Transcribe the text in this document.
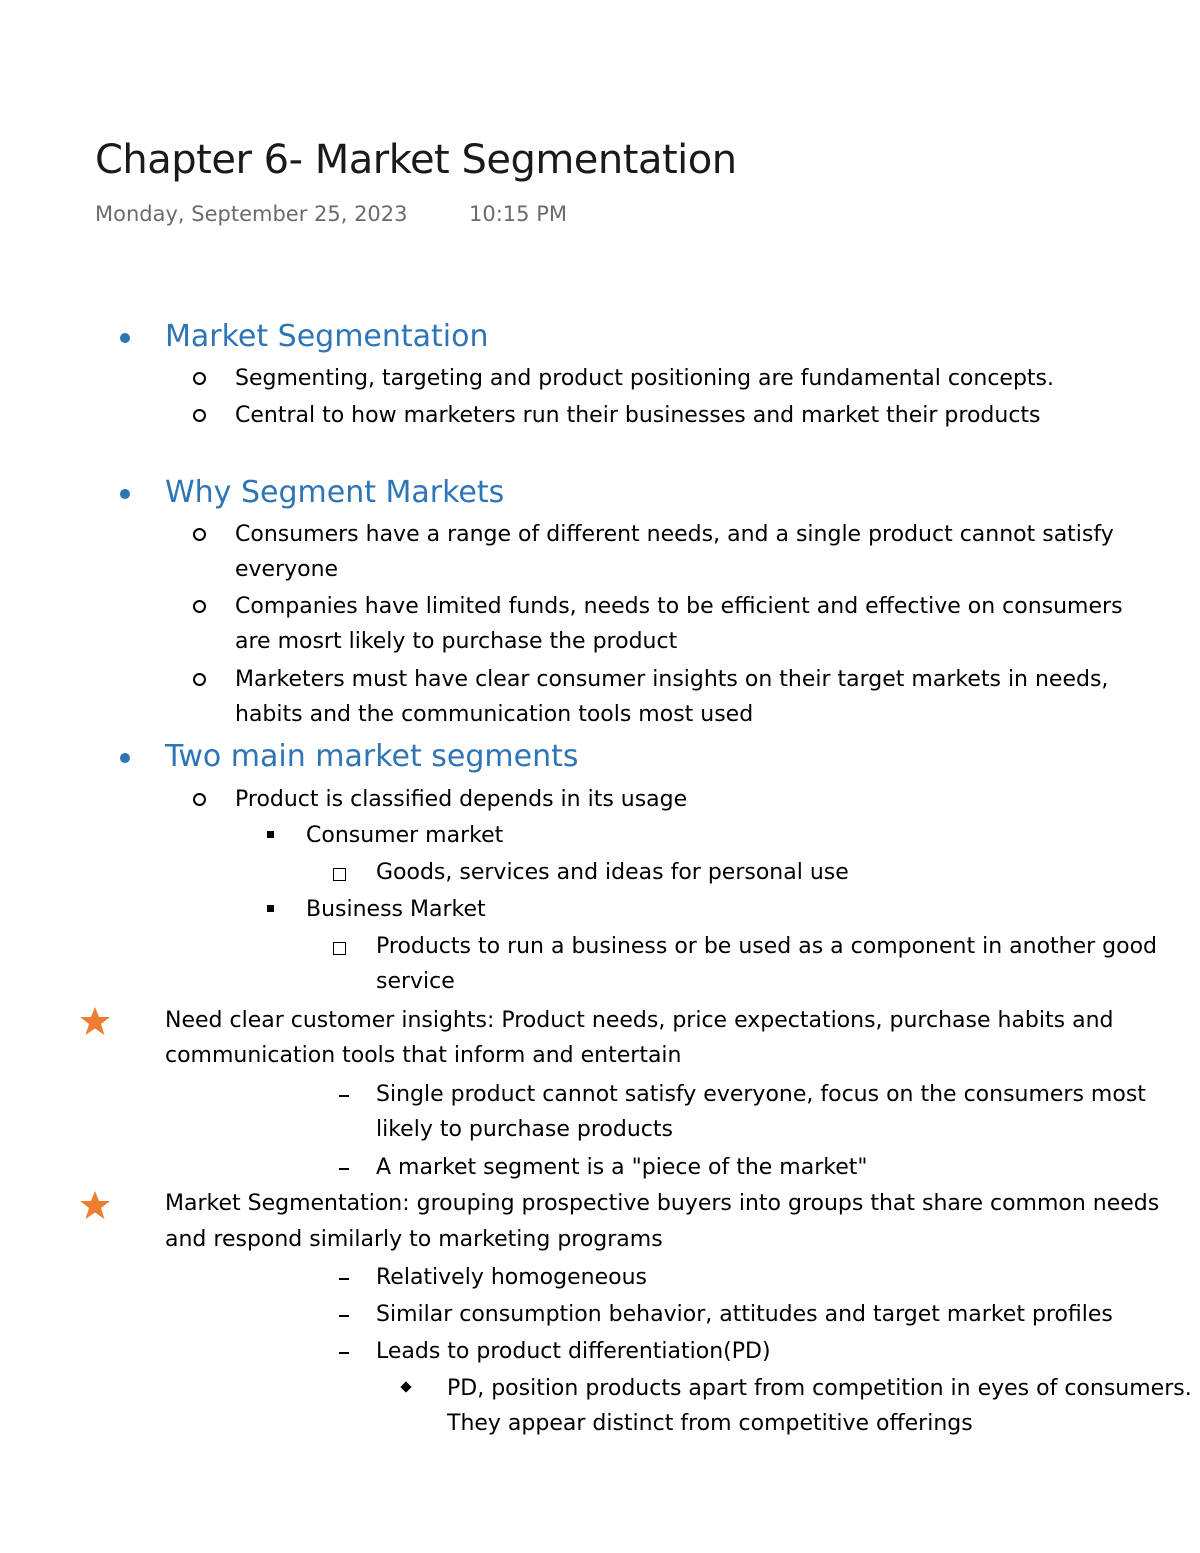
Chapter 6- Market Segmentation
Monday, September 25, 2023	10:15 PM
Market Segmentation
Segmenting, targeting and product positioning are fundamental concepts.
Central to how marketers run their businesses and market their products
Why Segment Markets
Consumers have a range of different needs, and a single product cannot satisfy
everyone
Companies have limited funds, needs to be efficient and effective on consumers
are mosrt likely to purchase the product
Marketers must have clear consumer insights on their target markets in needs,
habits and the communication tools most used
Two main market segments
Product is classified depends in its usage
Consumer market
Goods, services and ideas for personal use
Business Market
Products to run a business or be used as a component in another good
service
Need clear customer insights: Product needs, price expectations, purchase habits and
communication tools that inform and entertain
Single product cannot satisfy everyone, focus on the consumers most
likely to purchase products
A market segment is a "piece of the market"
Market Segmentation: grouping prospective buyers into groups that share common needs
and respond similarly to marketing programs
Relatively homogeneous
Similar consumption behavior, attitudes and target market profiles
Leads to product differentiation(PD)
PD, position products apart from competition in eyes of consumers.
They appear distinct from competitive offerings
